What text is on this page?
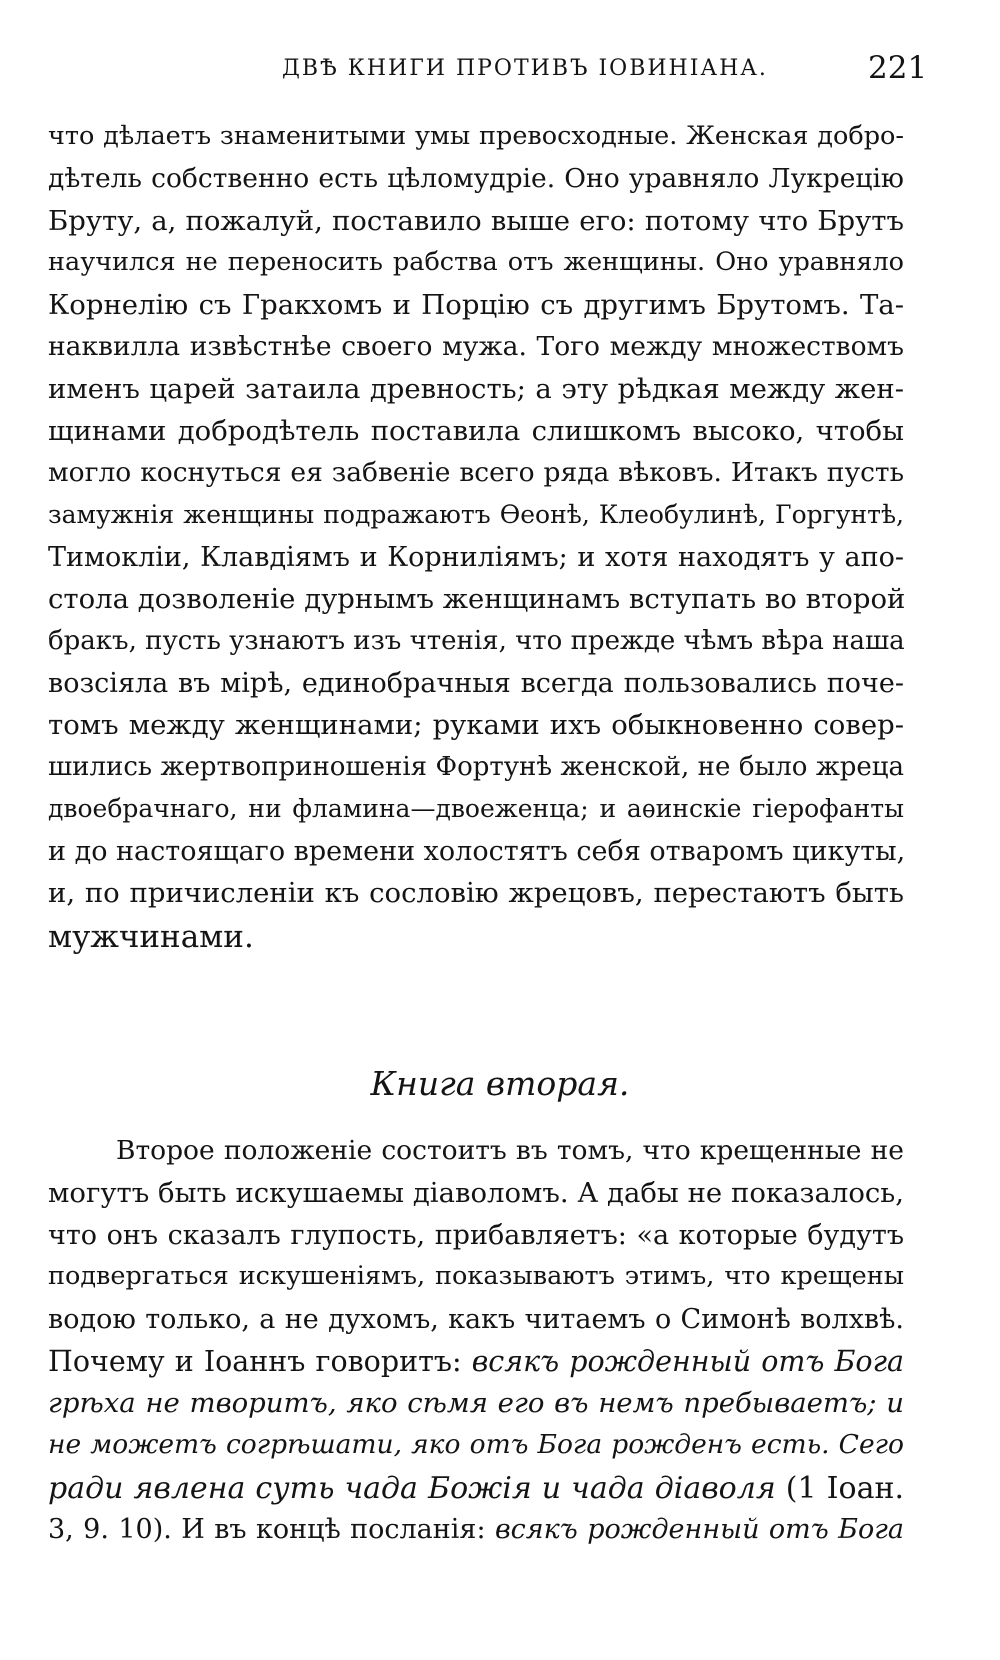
ДВѢ КНИГИ ПРОТИВЪ ІОВИНІАНА.	221
что дѣлаетъ знаменитыми умы превосходные. Женская добро-
дѣтель собственно есть цѣломудріе. Оно уравняло Лукрецію
Бруту, а, пожалуй, поставило выше его: потому что Брутъ
научился не переносить рабства отъ женщины. Оно уравняло
Корнелію съ Гракхомъ и Порцію съ другимъ Брутомъ. Та-
наквилла извѣстнѣе своего мужа. Того между множествомъ
именъ царей затаила древность; а эту рѣдкая между жен-
щинами добродѣтель поставила слишкомъ высоко, чтобы
могло коснуться ея забвеніе всего ряда вѣковъ. Итакъ пусть
замужнія женщины подражаютъ Ѳеонѣ, Клеобулинѣ, Горгунтѣ,
Тимокліи, Клавдіямъ и Корниліямъ; и хотя находятъ у апо-
стола дозволеніе дурнымъ женщинамъ вступать во второй
бракъ, пусть узнаютъ изъ чтенія, что прежде чѣмъ вѣра наша
возсіяла въ мірѣ, единобрачныя всегда пользовались поче-
томъ между женщинами; руками ихъ обыкновенно совер-
шились жертвоприношенія Фортунѣ женской, не было жреца
двоебрачнаго, ни фламина—двоеженца; и аѳинскіе гіерофанты
и до настоящаго времени холостятъ себя отваромъ цикуты,
и, по причисленіи къ сословію жрецовъ, перестаютъ быть
мужчинами.
Книга вторая.
Второе положеніе состоитъ въ томъ, что крещенные не
могутъ быть искушаемы діаволомъ. А дабы не показалось,
что онъ сказалъ глупость, прибавляетъ: «а которые будутъ
подвергаться искушеніямъ, показываютъ этимъ, что крещены
водою только, а не духомъ, какъ читаемъ о Симонѣ волхвѣ.
Почему и Іоаннъ говоритъ: всякъ рожденный отъ Бога
грѣха не творитъ, яко сѣмя его въ немъ пребываетъ; и
не можетъ согрѣшати, яко отъ Бога рожденъ есть. Сего
ради явлена суть чада Божія и чада діаволя (1 Іоан.
3, 9. 10). И въ концѣ посланія: всякъ рожденный отъ Бога
